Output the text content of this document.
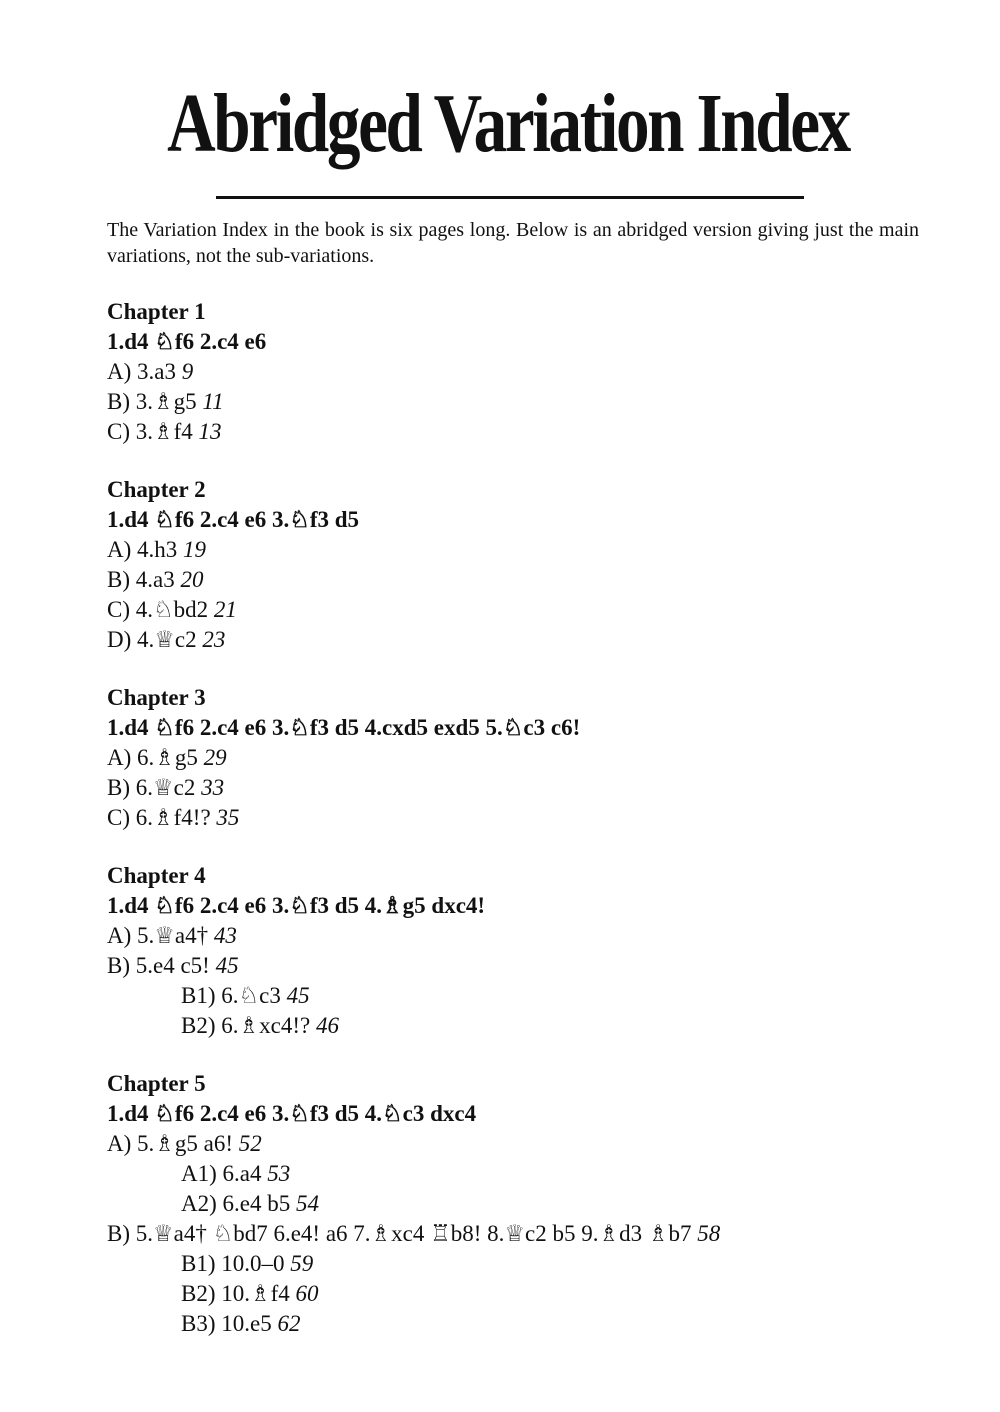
Abridged Variation Index

The Variation Index in the book is six pages long. Below is an abridged version giving just the main variations, not the sub-variations.

Chapter 1
1.d4 ♘f6 2.c4 e6
A) 3.a3 9
B) 3.♗g5 11
C) 3.♗f4 13
Chapter 2
1.d4 ♘f6 2.c4 e6 3.♘f3 d5
A) 4.h3 19
B) 4.a3 20
C) 4.♘bd2 21
D) 4.♕c2 23
Chapter 3
1.d4 ♘f6 2.c4 e6 3.♘f3 d5 4.cxd5 exd5 5.♘c3 c6!
A) 6.♗g5 29
B) 6.♕c2 33
C) 6.♗f4!? 35
Chapter 4
1.d4 ♘f6 2.c4 e6 3.♘f3 d5 4.♗g5 dxc4!
A) 5.♕a4† 43
B) 5.e4 c5! 45
B1) 6.♘c3 45
B2) 6.♗xc4!? 46
Chapter 5
1.d4 ♘f6 2.c4 e6 3.♘f3 d5 4.♘c3 dxc4
A) 5.♗g5 a6! 52
A1) 6.a4 53
A2) 6.e4 b5 54
B) 5.♕a4† ♘bd7 6.e4! a6 7.♗xc4 ♖b8! 8.♕c2 b5 9.♗d3 ♗b7 58
B1) 10.0–0 59
B2) 10.♗f4 60
B3) 10.e5 62
